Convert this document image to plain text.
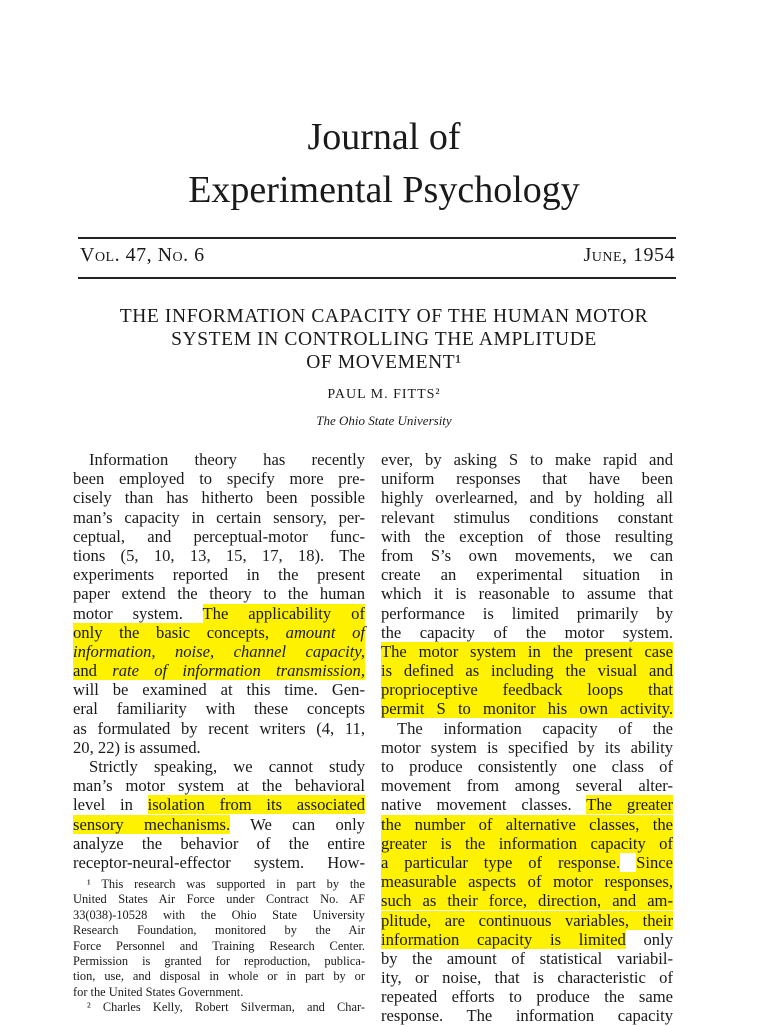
Journal of
Experimental Psychology
Vol. 47, No. 6	June, 1954
THE INFORMATION CAPACITY OF THE HUMAN MOTOR
SYSTEM IN CONTROLLING THE AMPLITUDE
OF MOVEMENT¹
PAUL M. FITTS²
The Ohio State University
Information theory has recently
been employed to specify more pre-
cisely than has hitherto been possible
man’s capacity in certain sensory, per-
ceptual, and perceptual-motor func-
tions (5, 10, 13, 15, 17, 18). The
experiments reported in the present
paper extend the theory to the human
motor system. The applicability of
only the basic concepts, amount of
information, noise, channel capacity,
and rate of information transmission,
will be examined at this time. Gen-
eral familiarity with these concepts
as formulated by recent writers (4, 11,
20, 22) is assumed.
Strictly speaking, we cannot study
man’s motor system at the behavioral
level in isolation from its associated
sensory mechanisms. We can only
analyze the behavior of the entire
receptor-neural-effector system. How-
¹ This research was supported in part by the
United States Air Force under Contract No. AF
33(038)-10528 with the Ohio State University
Research Foundation, monitored by the Air
Force Personnel and Training Research Center.
Permission is granted for reproduction, publica-
tion, use, and disposal in whole or in part by or
for the United States Government.
² Charles Kelly, Robert Silverman, and Char-
ever, by asking S to make rapid and
uniform responses that have been
highly overlearned, and by holding all
relevant stimulus conditions constant
with the exception of those resulting
from S’s own movements, we can
create an experimental situation in
which it is reasonable to assume that
performance is limited primarily by
the capacity of the motor system.
The motor system in the present case
is defined as including the visual and
proprioceptive feedback loops that
permit S to monitor his own activity.
The information capacity of the
motor system is specified by its ability
to produce consistently one class of
movement from among several alter-
native movement classes. The greater
the number of alternative classes, the
greater is the information capacity of
a particular type of response. Since
measurable aspects of motor responses,
such as their force, direction, and am-
plitude, are continuous variables, their
information capacity is limited only
by the amount of statistical variabil-
ity, or noise, that is characteristic of
repeated efforts to produce the same
response. The information capacity
